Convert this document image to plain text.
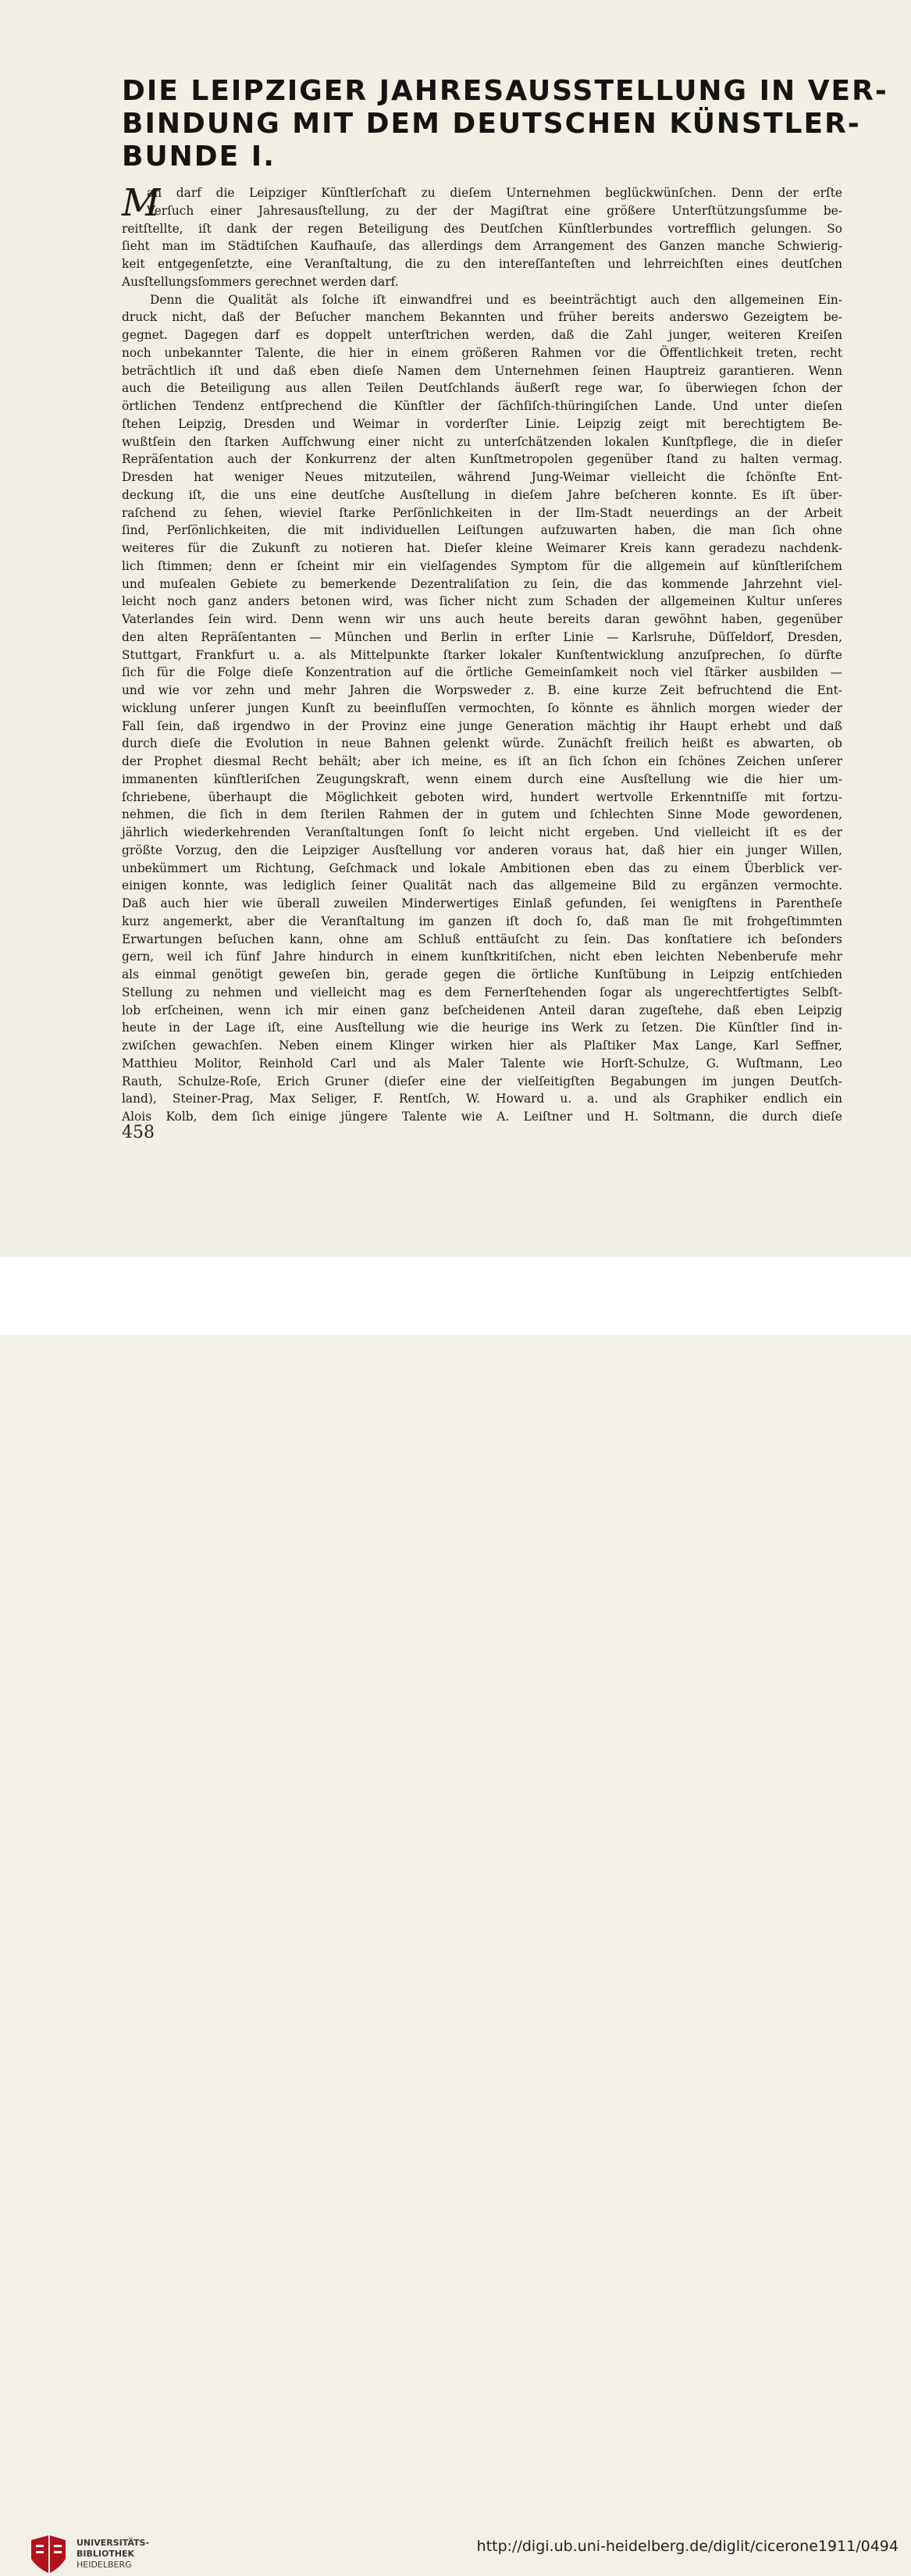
DIE LEIPZIGER JAHRESAUSSTELLUNG IN VER-
BINDUNG MIT DEM DEUTSCHEN KÜNSTLER-
BUNDE I.
M
an darf die Leipziger Künſtlerſchaft zu dieſem Unternehmen beglückwünſchen. Denn der erſte
Verſuch einer Jahresausſtellung, zu der der Magiſtrat eine größere Unterſtützungsſumme be-
reitſtellte, iſt dank der regen Beteiligung des Deutſchen Künſtlerbundes vortrefflich gelungen. So
ſieht man im Städtiſchen Kaufhauſe, das allerdings dem Arrangement des Ganzen manche Schwierig-
keit entgegenſetzte, eine Veranſtaltung, die zu den intereſſanteſten und lehrreichſten eines deutſchen
Ausſtellungsſommers gerechnet werden darf.
Denn die Qualität als ſolche iſt einwandfrei und es beeinträchtigt auch den allgemeinen Ein-
druck nicht, daß der Beſucher manchem Bekannten und früher bereits anderswo Gezeigtem be-
gegnet. Dagegen darf es doppelt unterſtrichen werden, daß die Zahl junger, weiteren Kreiſen
noch unbekannter Talente, die hier in einem größeren Rahmen vor die Öffentlichkeit treten, recht
beträchtlich iſt und daß eben dieſe Namen dem Unternehmen ſeinen Hauptreiz garantieren. Wenn
auch die Beteiligung aus allen Teilen Deutſchlands äußerſt rege war, ſo überwiegen ſchon der
örtlichen Tendenz entſprechend die Künſtler der ſächſiſch-thüringiſchen Lande. Und unter dieſen
ſtehen Leipzig, Dresden und Weimar in vorderſter Linie. Leipzig zeigt mit berechtigtem Be-
wußtſein den ſtarken Aufſchwung einer nicht zu unterſchätzenden lokalen Kunſtpflege, die in dieſer
Repräſentation auch der Konkurrenz der alten Kunſtmetropolen gegenüber ſtand zu halten vermag.
Dresden hat weniger Neues mitzuteilen, während Jung-Weimar vielleicht die ſchönſte Ent-
deckung iſt, die uns eine deutſche Ausſtellung in dieſem Jahre beſcheren konnte. Es iſt über-
raſchend zu ſehen, wieviel ſtarke Perſönlichkeiten in der Ilm-Stadt neuerdings an der Arbeit
ſind, Perſönlichkeiten, die mit individuellen Leiſtungen aufzuwarten haben, die man ſich ohne
weiteres für die Zukunft zu notieren hat. Dieſer kleine Weimarer Kreis kann geradezu nachdenk-
lich ſtimmen; denn er ſcheint mir ein vielſagendes Symptom für die allgemein auf künſtleriſchem
und muſealen Gebiete zu bemerkende Dezentraliſation zu ſein, die das kommende Jahrzehnt viel-
leicht noch ganz anders betonen wird, was ſicher nicht zum Schaden der allgemeinen Kultur unſeres
Vaterlandes ſein wird. Denn wenn wir uns auch heute bereits daran gewöhnt haben, gegenüber
den alten Repräſentanten — München und Berlin in erſter Linie — Karlsruhe, Düſſeldorf, Dresden,
Stuttgart, Frankfurt u. a. als Mittelpunkte ſtarker lokaler Kunſtentwicklung anzuſprechen, ſo dürfte
ſich für die Folge dieſe Konzentration auf die örtliche Gemeinſamkeit noch viel ſtärker ausbilden —
und wie vor zehn und mehr Jahren die Worpsweder z. B. eine kurze Zeit befruchtend die Ent-
wicklung unſerer jungen Kunſt zu beeinfluſſen vermochten, ſo könnte es ähnlich morgen wieder der
Fall ſein, daß irgendwo in der Provinz eine junge Generation mächtig ihr Haupt erhebt und daß
durch dieſe die Evolution in neue Bahnen gelenkt würde. Zunächſt freilich heißt es abwarten, ob
der Prophet diesmal Recht behält; aber ich meine, es iſt an ſich ſchon ein ſchönes Zeichen unſerer
immanenten künſtleriſchen Zeugungskraft, wenn einem durch eine Ausſtellung wie die hier um-
ſchriebene, überhaupt die Möglichkeit geboten wird, hundert wertvolle Erkenntniſſe mit fortzu-
nehmen, die ſich in dem ſterilen Rahmen der in gutem und ſchlechten Sinne Mode gewordenen,
jährlich wiederkehrenden Veranſtaltungen ſonſt ſo leicht nicht ergeben. Und vielleicht iſt es der
größte Vorzug, den die Leipziger Ausſtellung vor anderen voraus hat, daß hier ein junger Willen,
unbekümmert um Richtung, Geſchmack und lokale Ambitionen eben das zu einem Überblick ver-
einigen konnte, was lediglich ſeiner Qualität nach das allgemeine Bild zu ergänzen vermochte.
Daß auch hier wie überall zuweilen Minderwertiges Einlaß gefunden, ſei wenigſtens in Parentheſe
kurz angemerkt, aber die Veranſtaltung im ganzen iſt doch ſo, daß man ſie mit frohgeſtimmten
Erwartungen beſuchen kann, ohne am Schluß enttäuſcht zu ſein. Das konſtatiere ich beſonders
gern, weil ich fünf Jahre hindurch in einem kunſtkritiſchen, nicht eben leichten Nebenberufe mehr
als einmal genötigt geweſen bin, gerade gegen die örtliche Kunſtübung in Leipzig entſchieden
Stellung zu nehmen und vielleicht mag es dem Fernerſtehenden ſogar als ungerechtfertigtes Selbſt-
lob erſcheinen, wenn ich mir einen ganz beſcheidenen Anteil daran zugeſtehe, daß eben Leipzig
heute in der Lage iſt, eine Ausſtellung wie die heurige ins Werk zu ſetzen. Die Künſtler ſind in-
zwiſchen gewachſen. Neben einem Klinger wirken hier als Plaſtiker Max Lange, Karl Seffner,
Matthieu Molitor, Reinhold Carl und als Maler Talente wie Horſt-Schulze, G. Wuſtmann, Leo
Rauth, Schulze-Roſe, Erich Gruner (dieſer eine der vielſeitigſten Begabungen im jungen Deutſch-
land), Steiner-Prag, Max Seliger, F. Rentſch, W. Howard u. a. und als Graphiker endlich ein
Alois Kolb, dem ſich einige jüngere Talente wie A. Leiſtner und H. Soltmann, die durch dieſe
458
UNIVERSITÄTS-
BIBLIOTHEK
HEIDELBERG
http://digi.ub.uni-heidelberg.de/diglit/cicerone1911/0494
